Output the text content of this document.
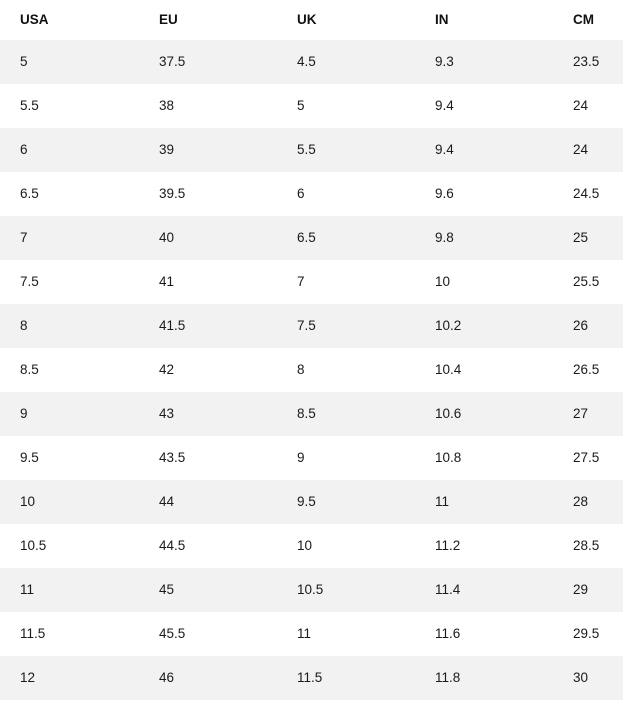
USA	EU	UK	IN	CM
5	37.5	4.5	9.3	23.5
5.5	38	5	9.4	24
6	39	5.5	9.4	24
6.5	39.5	6	9.6	24.5
7	40	6.5	9.8	25
7.5	41	7	10	25.5
8	41.5	7.5	10.2	26
8.5	42	8	10.4	26.5
9	43	8.5	10.6	27
9.5	43.5	9	10.8	27.5
10	44	9.5	11	28
10.5	44.5	10	11.2	28.5
11	45	10.5	11.4	29
11.5	45.5	11	11.6	29.5
12	46	11.5	11.8	30
